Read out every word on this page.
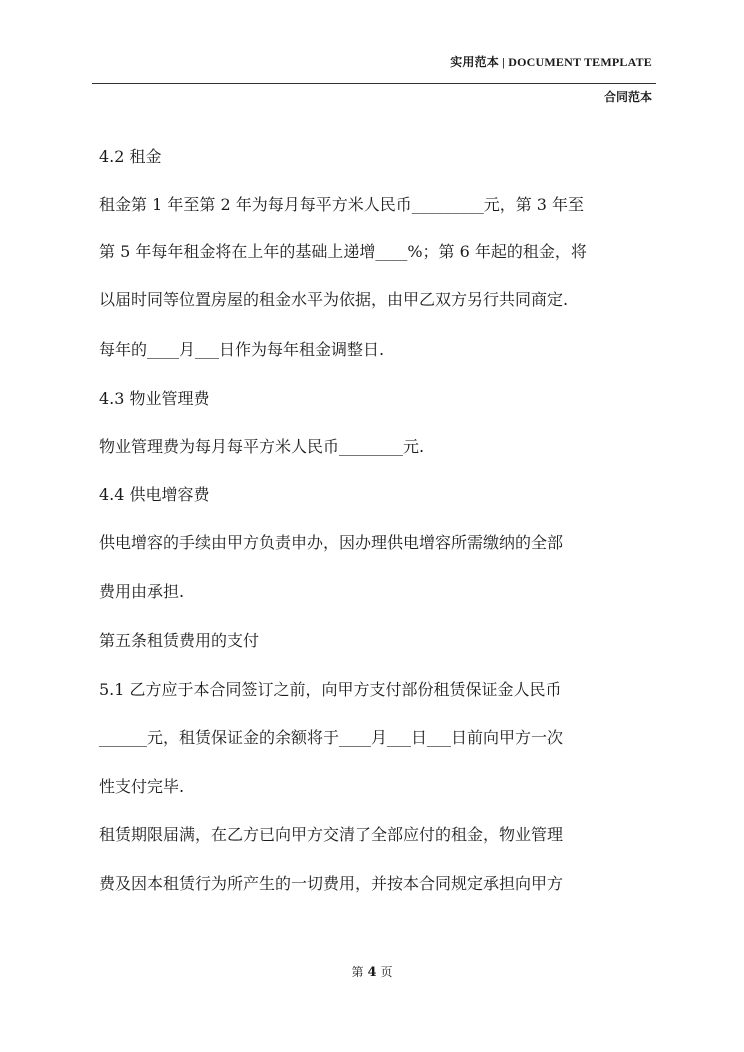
实用范本 | DOCUMENT TEMPLATE
合同范本
4.2 租金
租金第 1 年至第 2 年为每月每平方米人民币_________元，第 3 年至
第 5 年每年租金将在上年的基础上递增____%；第 6 年起的租金，将
以届时同等位置房屋的租金水平为依据，由甲乙双方另行共同商定.
每年的____月___日作为每年租金调整日.
4.3 物业管理费
物业管理费为每月每平方米人民币________元.
4.4 供电增容费
供电增容的手续由甲方负责申办，因办理供电增容所需缴纳的全部
费用由承担.
第五条租赁费用的支付
5.1 乙方应于本合同签订之前，向甲方支付部份租赁保证金人民币
______元，租赁保证金的余额将于____月___日___日前向甲方一次
性支付完毕.
租赁期限届满，在乙方已向甲方交清了全部应付的租金，物业管理
费及因本租赁行为所产生的一切费用，并按本合同规定承担向甲方
第 4 页
